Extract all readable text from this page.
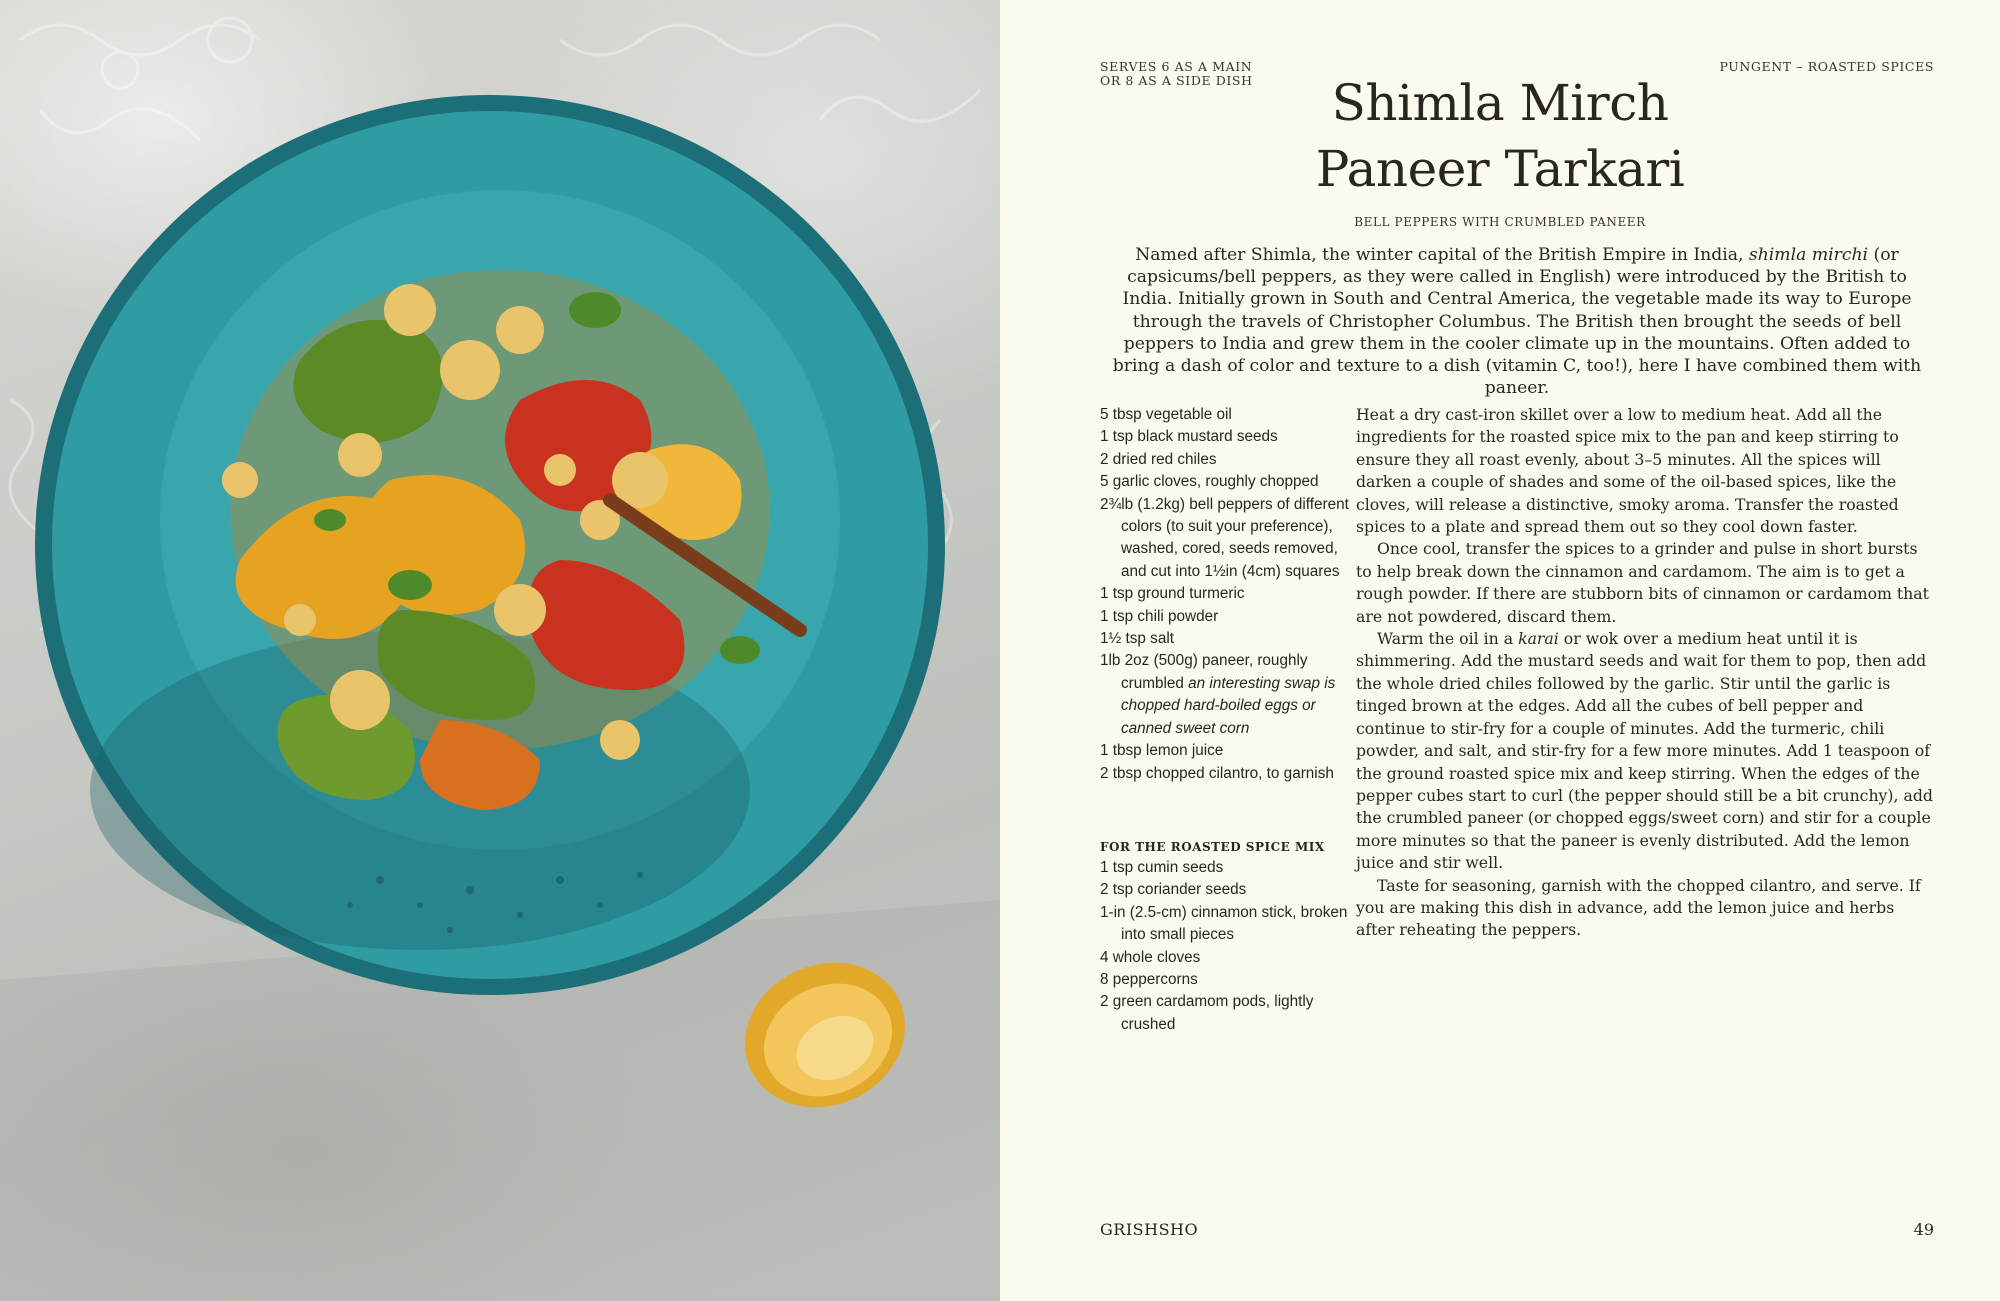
SERVES 6 AS A MAIN
OR 8 AS A SIDE DISH
PUNGENT – ROASTED SPICES
Shimla Mirch
Paneer Tarkari
BELL PEPPERS WITH CRUMBLED PANEER

Named after Shimla, the winter capital of the British Empire in India, shimla mirchi (or capsicums/bell peppers, as they were called in English) were introduced by the British to India. Initially grown in South and Central America, the vegetable made its way to Europe through the travels of Christopher Columbus. The British then brought the seeds of bell peppers to India and grew them in the cooler climate up in the mountains. Often added to bring a dash of color and texture to a dish (vitamin C, too!), here I have combined them with paneer.

5 tbsp vegetable oil
1 tsp black mustard seeds
2 dried red chiles
5 garlic cloves, roughly chopped
2¾lb (1.2kg) bell peppers of different colors (to suit your preference), washed, cored, seeds removed, and cut into 1½in (4cm) squares
1 tsp ground turmeric
1 tsp chili powder
1½ tsp salt
1lb 2oz (500g) paneer, roughly crumbled an interesting swap is chopped hard-boiled eggs or canned sweet corn
1 tbsp lemon juice
2 tbsp chopped cilantro, to garnish
FOR THE ROASTED SPICE MIX
1 tsp cumin seeds
2 tsp coriander seeds
1-in (2.5-cm) cinnamon stick, broken into small pieces
4 whole cloves
8 peppercorns
2 green cardamom pods, lightly crushed

Heat a dry cast-iron skillet over a low to medium heat. Add all the ingredients for the roasted spice mix to the pan and keep stirring to ensure they all roast evenly, about 3–5 minutes. All the spices will darken a couple of shades and some of the oil-based spices, like the cloves, will release a distinctive, smoky aroma. Transfer the roasted spices to a plate and spread them out so they cool down faster.

Once cool, transfer the spices to a grinder and pulse in short bursts to help break down the cinnamon and cardamom. The aim is to get a rough powder. If there are stubborn bits of cinnamon or cardamom that are not powdered, discard them.

Warm the oil in a karai or wok over a medium heat until it is shimmering. Add the mustard seeds and wait for them to pop, then add the whole dried chiles followed by the garlic. Stir until the garlic is tinged brown at the edges. Add all the cubes of bell pepper and continue to stir-fry for a couple of minutes. Add the turmeric, chili powder, and salt, and stir-fry for a few more minutes. Add 1 teaspoon of the ground roasted spice mix and keep stirring. When the edges of the pepper cubes start to curl (the pepper should still be a bit crunchy), add the crumbled paneer (or chopped eggs/sweet corn) and stir for a couple more minutes so that the paneer is evenly distributed. Add the lemon juice and stir well.

Taste for seasoning, garnish with the chopped cilantro, and serve. If you are making this dish in advance, add the lemon juice and herbs after reheating the peppers.

GRISHSHO	49
